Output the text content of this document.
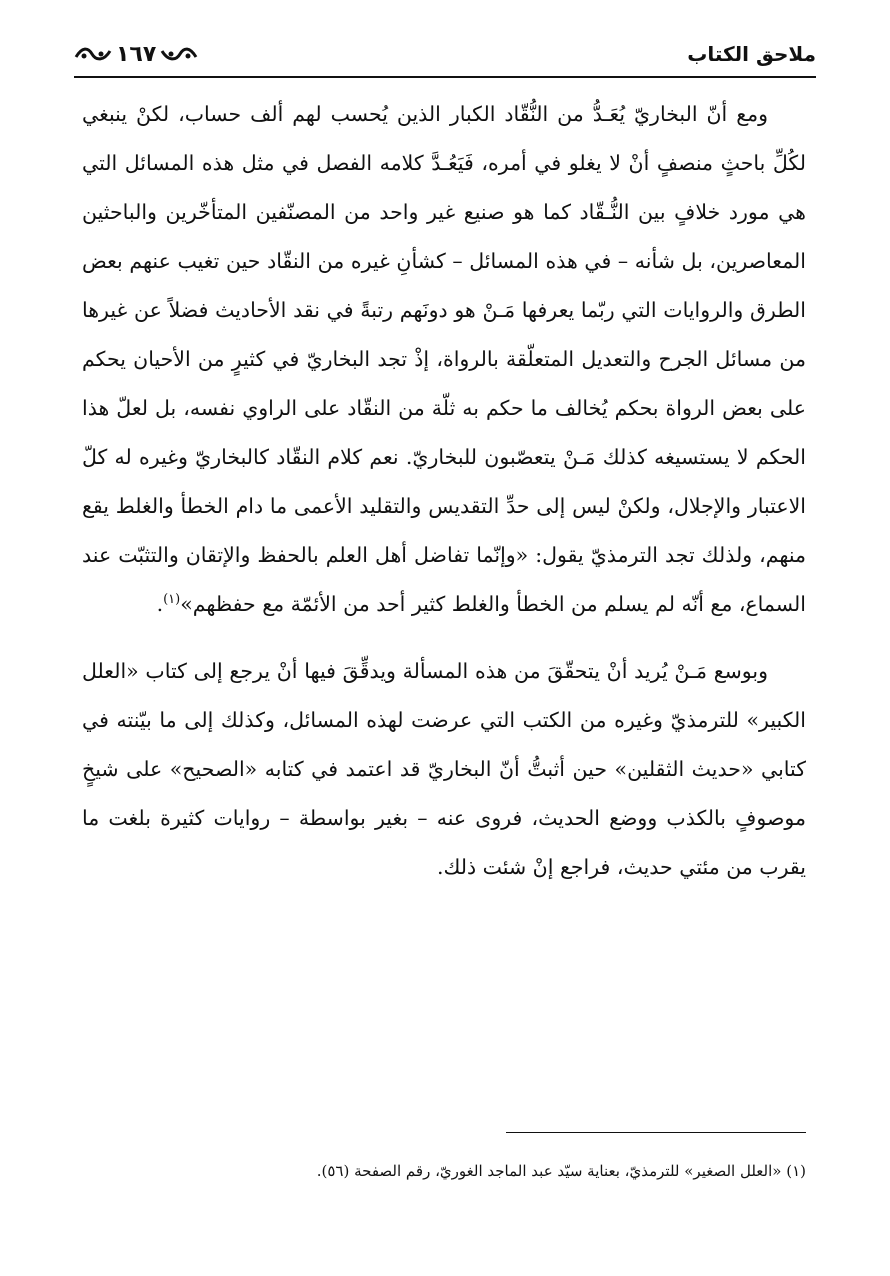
ملاحق الكتاب
١٦٧

ومع أنّ البخاريّ يُعَـدُّ من النُّقّاد الكبار الذين يُحسب لهم ألف حساب، لكنْ ينبغي لكُلِّ باحثٍ منصفٍ أنْ لا يغلو في أمره، فَيَعُـدَّ كلامه الفصل في مثل هذه المسائل التي هي مورد خلافٍ بين النُّـقّاد كما هو صنيع غير واحد من المصنّفين المتأخّرين والباحثين المعاصرين، بل شأنه – في هذه المسائل – كشأنِ غيره من النقّاد حين تغيب عنهم بعض الطرق والروايات التي ربّما يعرفها مَـنْ هو دونَهم رتبةً في نقد الأحاديث فضلاً عن غيرها من مسائل الجرح والتعديل المتعلّقة بالرواة، إذْ تجد البخاريّ في كثيرٍ من الأحيان يحكم على بعض الرواة بحكم يُخالف ما حكم به ثلّة من النقّاد على الراوي نفسه، بل لعلّ هذا الحكم لا يستسيغه كذلك مَـنْ يتعصّبون للبخاريّ. نعم كلام النقّاد كالبخاريّ وغيره له كلّ الاعتبار والإجلال، ولكنْ ليس إلى حدِّ التقديس والتقليد الأعمى ما دام الخطأ والغلط يقع منهم، ولذلك تجد الترمذيّ يقول: «وإنّما تفاضل أهل العلم بالحفظ والإتقان والتثبّت عند السماع، مع أنّه لم يسلم من الخطأ والغلط كثير أحد من الأئمّة مع حفظهم»$^{(١)}$.

وبوسع مَـنْ يُريد أنْ يتحقّقَ من هذه المسألة ويدقِّقَ فيها أنْ يرجع إلى كتاب «العلل الكبير» للترمذيّ وغيره من الكتب التي عرضت لهذه المسائل، وكذلك إلى ما بيّنته في كتابي «حديث الثقلين» حين أثبتُّ أنّ البخاريّ قد اعتمد في كتابه «الصحيح» على شيخٍ موصوفٍ بالكذب ووضع الحديث، فروى عنه – بغير بواسطة – روايات كثيرة بلغت ما يقرب من مئتي حديث، فراجع إنْ شئت ذلك.

(١) «العلل الصغير» للترمذيّ، بعناية سيّد عبد الماجد الغوريّ، رقم الصفحة (٥٦).
